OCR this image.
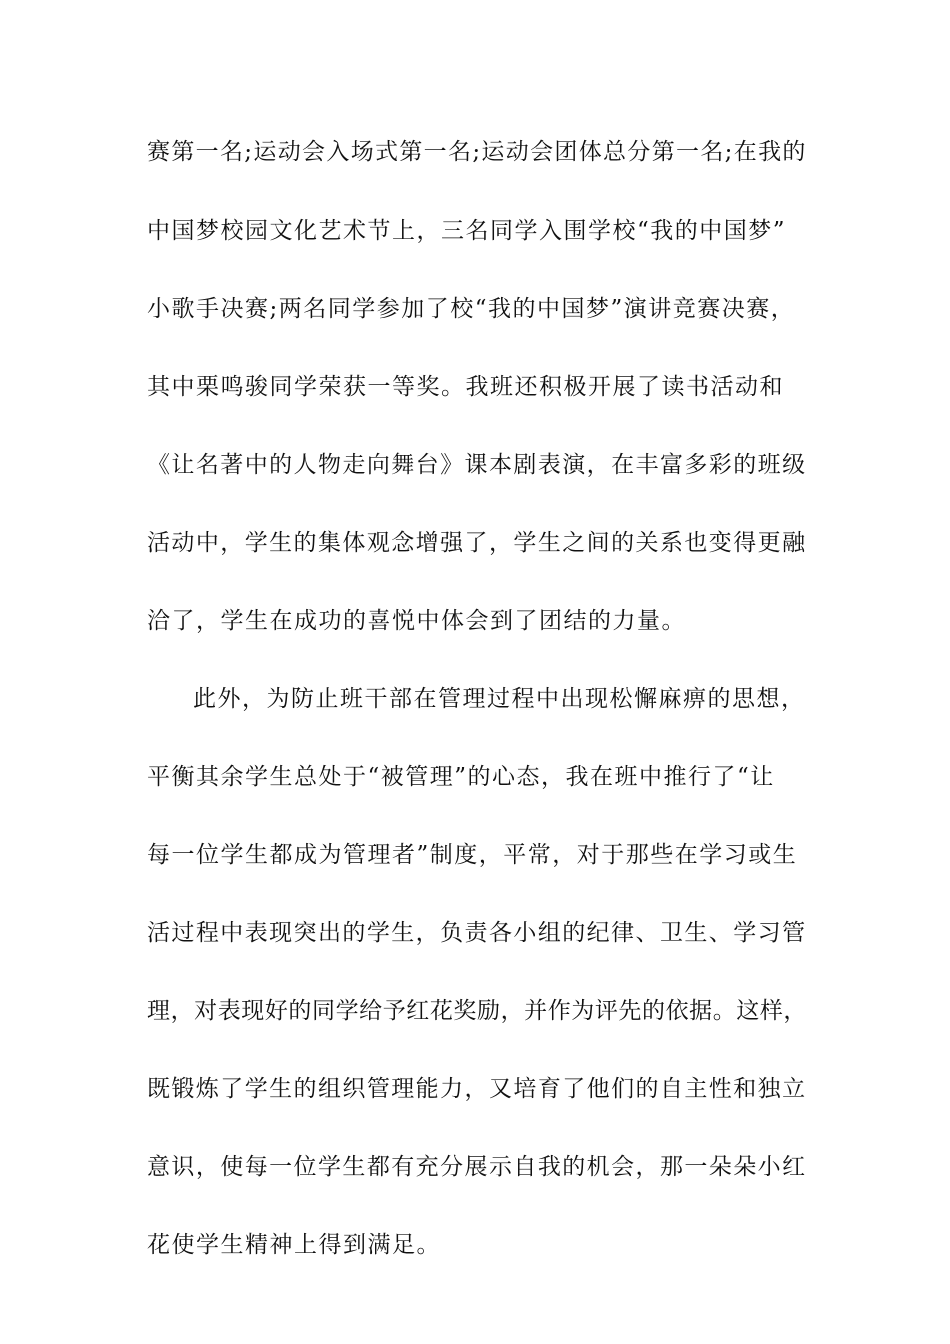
赛第一名;运动会入场式第一名;运动会团体总分第一名;在我的
中国梦校园文化艺术节上，三名同学入围学校“我的中国梦”
小歌手决赛;两名同学参加了校“我的中国梦”演讲竞赛决赛，
其中栗鸣骏同学荣获一等奖。我班还积极开展了读书活动和
《让名著中的人物走向舞台》课本剧表演，在丰富多彩的班级
活动中，学生的集体观念增强了，学生之间的关系也变得更融
洽了，学生在成功的喜悦中体会到了团结的力量。
此外，为防止班干部在管理过程中出现松懈麻痹的思想，
平衡其余学生总处于“被管理”的心态，我在班中推行了“让
每一位学生都成为管理者”制度，平常，对于那些在学习或生
活过程中表现突出的学生，负责各小组的纪律、卫生、学习管
理，对表现好的同学给予红花奖励，并作为评先的依据。这样，
既锻炼了学生的组织管理能力，又培育了他们的自主性和独立
意识，使每一位学生都有充分展示自我的机会，那一朵朵小红
花使学生精神上得到满足。
